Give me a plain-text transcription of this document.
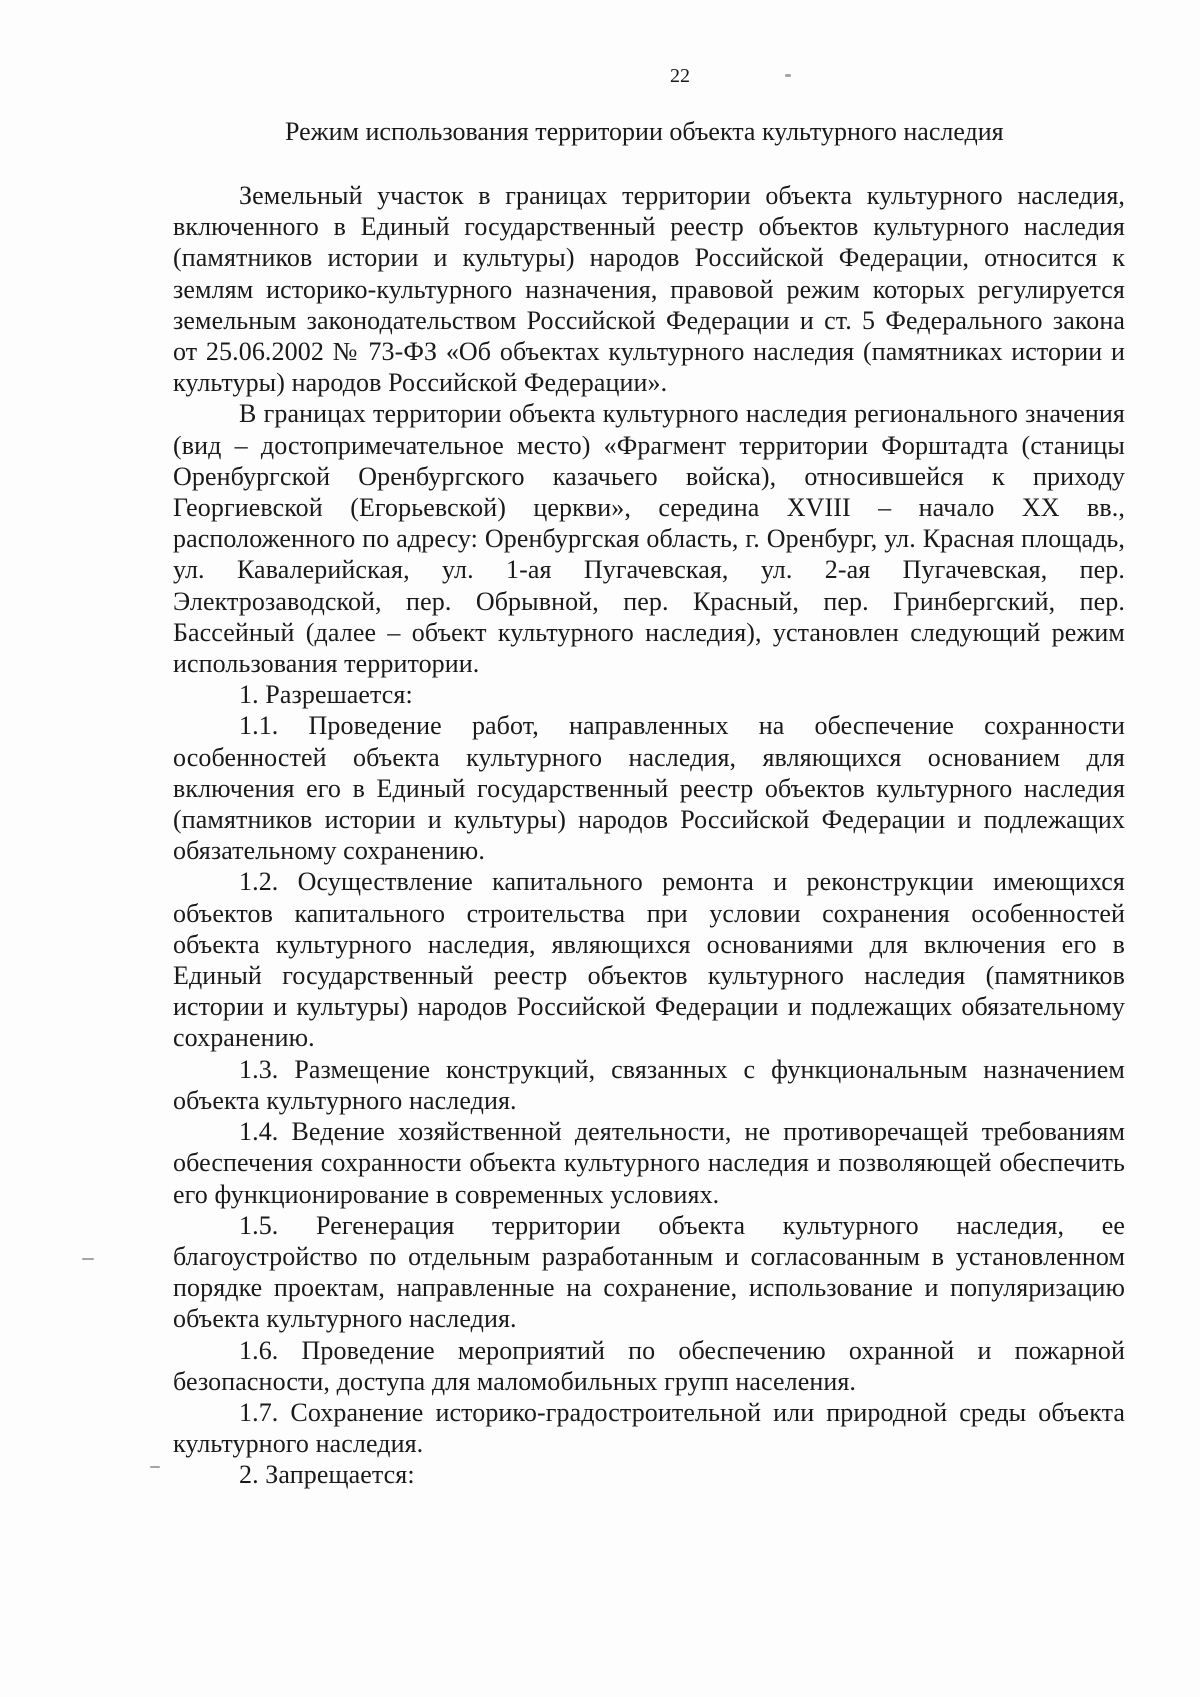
22
Режим использования территории объекта культурного наследия

Земельный участок в границах территории объекта культурного наследия, включенного в Единый государственный реестр объектов культурного наследия (памятников истории и культуры) народов Российской Федерации, относится к землям историко-культурного назначения, правовой режим которых регулируется земельным законодательством Российской Федерации и ст. 5 Федерального закона от 25.06.2002 № 73-ФЗ «Об объектах культурного наследия (памятниках истории и культуры) народов Российской Федерации».

В границах территории объекта культурного наследия регионального значения (вид – достопримечательное место) «Фрагмент территории Форштадта (станицы Оренбургской Оренбургского казачьего войска), относившейся к приходу Георгиевской (Егорьевской) церкви», середина XVIII – начало XX вв., расположенного по адресу: Оренбургская область, г. Оренбург, ул. Красная площадь, ул. Кавалерийская, ул. 1-ая Пугачевская, ул. 2-ая Пугачевская, пер. Электрозаводской, пер. Обрывной, пер. Красный, пер. Гринбергский, пер. Бассейный (далее – объект культурного наследия), установлен следующий режим использования территории.

1. Разрешается:

1.1. Проведение работ, направленных на обеспечение сохранности особенностей объекта культурного наследия, являющихся основанием для включения его в Единый государственный реестр объектов культурного наследия (памятников истории и культуры) народов Российской Федерации и подлежащих обязательному сохранению.

1.2. Осуществление капитального ремонта и реконструкции имеющихся объектов капитального строительства при условии сохранения особенностей объекта культурного наследия, являющихся основаниями для включения его в Единый государственный реестр объектов культурного наследия (памятников истории и культуры) народов Российской Федерации и подлежащих обязательному сохранению.

1.3. Размещение конструкций, связанных с функциональным назначением объекта культурного наследия.

1.4. Ведение хозяйственной деятельности, не противоречащей требованиям обеспечения сохранности объекта культурного наследия и позволяющей обеспечить его функционирование в современных условиях.

1.5. Регенерация территории объекта культурного наследия, ее благоустройство по отдельным разработанным и согласованным в установленном порядке проектам, направленные на сохранение, использование и популяризацию объекта культурного наследия.

1.6. Проведение мероприятий по обеспечению охранной и пожарной безопасности, доступа для маломобильных групп населения.

1.7. Сохранение историко-градостроительной или природной среды объекта культурного наследия.

2. Запрещается:
